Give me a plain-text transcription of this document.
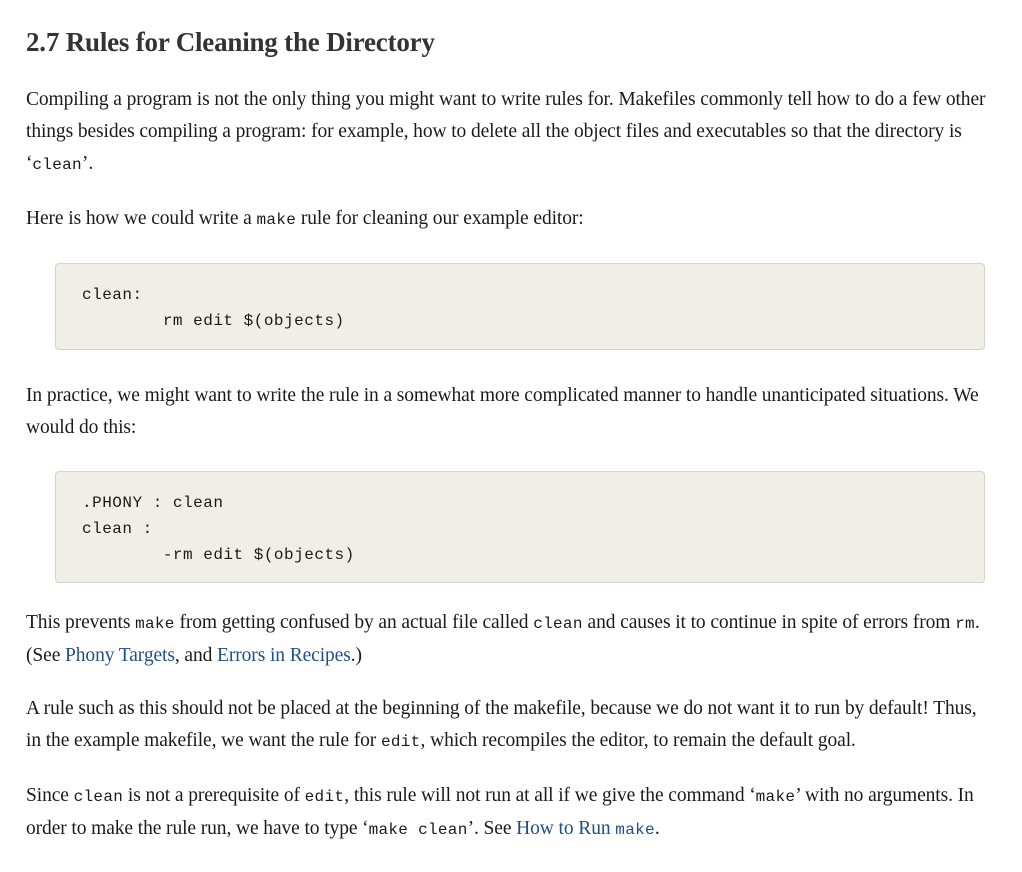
2.7 Rules for Cleaning the Directory

Compiling a program is not the only thing you might want to write rules for. Makefiles commonly tell how to do a few other things besides compiling a program: for example, how to delete all the object files and executables so that the directory is ‘clean’.

Here is how we could write a make rule for cleaning our example editor:

clean:
rm edit $(objects)

In practice, we might want to write the rule in a somewhat more complicated manner to handle unanticipated situations. We would do this:

.PHONY : clean
clean :
-rm edit $(objects)

This prevents make from getting confused by an actual file called clean and causes it to continue in spite of errors from rm. (See Phony Targets, and Errors in Recipes.)

A rule such as this should not be placed at the beginning of the makefile, because we do not want it to run by default! Thus, in the example makefile, we want the rule for edit, which recompiles the editor, to remain the default goal.

Since clean is not a prerequisite of edit, this rule will not run at all if we give the command ‘make’ with no arguments. In order to make the rule run, we have to type ‘make clean’. See How to Run make.
